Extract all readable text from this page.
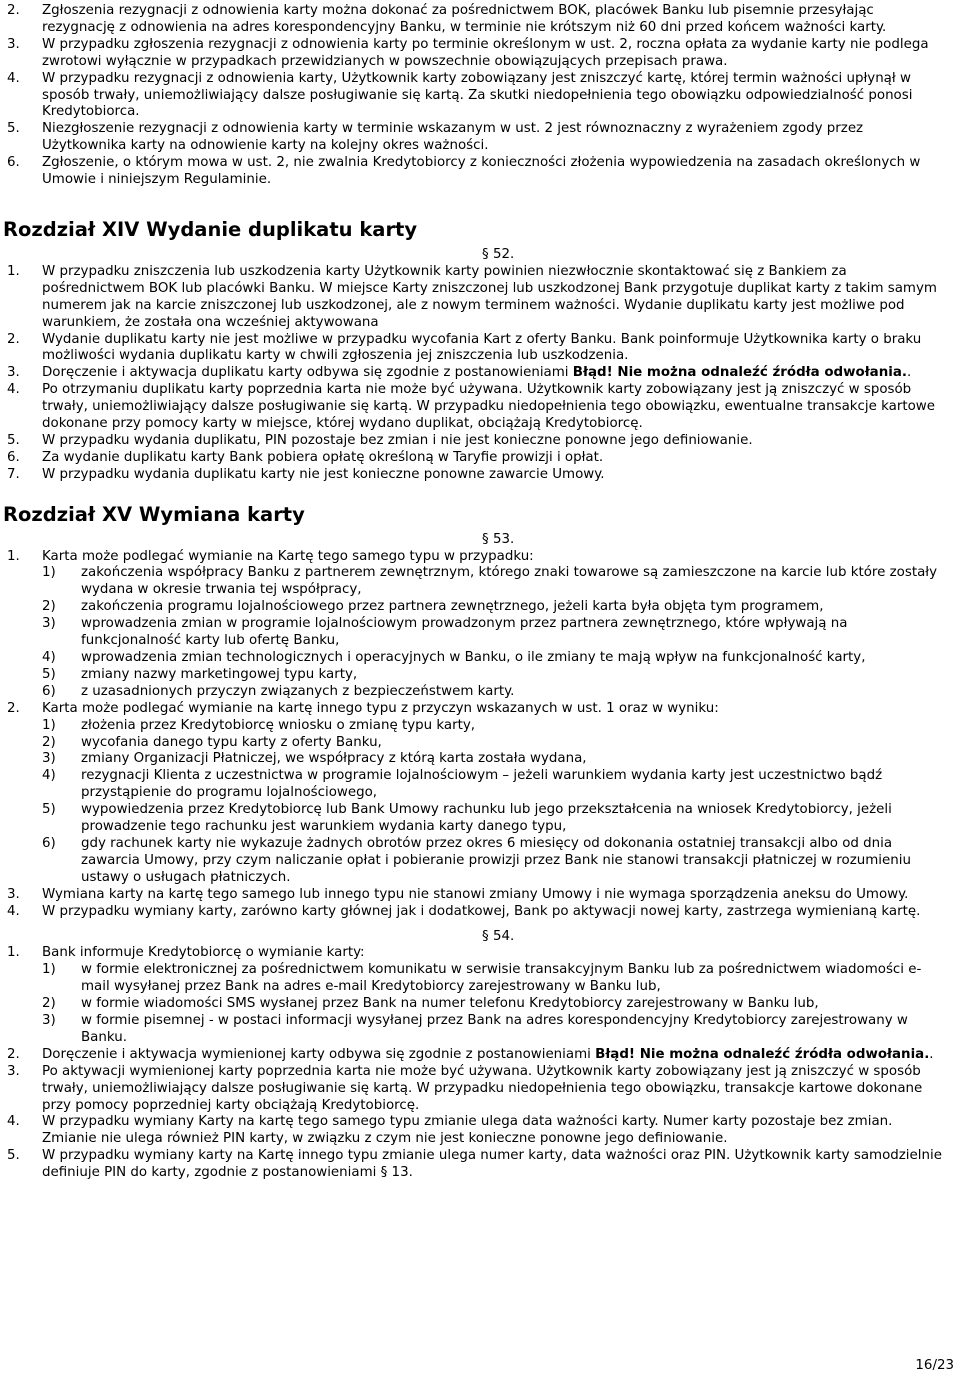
2. Zgłoszenia rezygnacji z odnowienia karty można dokonać za pośrednictwem BOK, placówek Banku lub pisemnie przesyłając rezygnację z odnowienia na adres korespondencyjny Banku, w terminie nie krótszym niż 60 dni przed końcem ważności karty.
3. W przypadku zgłoszenia rezygnacji z odnowienia karty po terminie określonym w ust. 2, roczna opłata za wydanie karty nie podlega zwrotowi wyłącznie w przypadkach przewidzianych w powszechnie obowiązujących przepisach prawa.
4. W przypadku rezygnacji z odnowienia karty, Użytkownik karty zobowiązany jest zniszczyć kartę, której termin ważności upłynął w sposób trwały, uniemożliwiający dalsze posługiwanie się kartą. Za skutki niedopełnienia tego obowiązku odpowiedzialność ponosi Kredytobiorca.
5. Niezgłoszenie rezygnacji z odnowienia karty w terminie wskazanym w ust. 2 jest równoznaczny z wyrażeniem zgody przez Użytkownika karty na odnowienie karty na kolejny okres ważności.
6. Zgłoszenie, o którym mowa w ust. 2, nie zwalnia Kredytobiorcy z konieczności złożenia wypowiedzenia na zasadach określonych w Umowie i niniejszym Regulaminie.
Rozdział XIV Wydanie duplikatu karty
§ 52.
1. W przypadku zniszczenia lub uszkodzenia karty Użytkownik karty powinien niezwłocznie skontaktować się z Bankiem za pośrednictwem BOK lub placówki Banku. W miejsce Karty zniszczonej lub uszkodzonej Bank przygotuje duplikat karty z takim samym numerem jak na karcie zniszczonej lub uszkodzonej, ale z nowym terminem ważności. Wydanie duplikatu karty jest możliwe pod warunkiem, że została ona wcześniej aktywowana
2. Wydanie duplikatu karty nie jest możliwe w przypadku wycofania Kart z oferty Banku. Bank poinformuje Użytkownika karty o braku możliwości wydania duplikatu karty w chwili zgłoszenia jej zniszczenia lub uszkodzenia.
3. Doręczenie i aktywacja duplikatu karty odbywa się zgodnie z postanowieniami Błąd! Nie można odnaleźć źródła odwołania..
4. Po otrzymaniu duplikatu karty poprzednia karta nie może być używana. Użytkownik karty zobowiązany jest ją zniszczyć w sposób trwały, uniemożliwiający dalsze posługiwanie się kartą. W przypadku niedopełnienia tego obowiązku, ewentualne transakcje kartowe dokonane przy pomocy karty w miejsce, której wydano duplikat, obciążają Kredytobiorcę.
5. W przypadku wydania duplikatu, PIN pozostaje bez zmian i nie jest konieczne ponowne jego definiowanie.
6. Za wydanie duplikatu karty Bank pobiera opłatę określoną w Taryfie prowizji i opłat.
7. W przypadku wydania duplikatu karty nie jest konieczne ponowne zawarcie Umowy.
Rozdział XV Wymiana karty
§ 53.
1. Karta może podlegać wymianie na Kartę tego samego typu w przypadku:
1) zakończenia współpracy Banku z partnerem zewnętrznym, którego znaki towarowe są zamieszczone na karcie lub które zostały wydana w okresie trwania tej współpracy,
2) zakończenia programu lojalnościowego przez partnera zewnętrznego, jeżeli karta była objęta tym programem,
3) wprowadzenia zmian w programie lojalnościowym prowadzonym przez partnera zewnętrznego, które wpływają na funkcjonalność karty lub ofertę Banku,
4) wprowadzenia zmian technologicznych i operacyjnych w Banku, o ile zmiany te mają wpływ na funkcjonalność karty,
5) zmiany nazwy marketingowej typu karty,
6) z uzasadnionych przyczyn związanych z bezpieczeństwem karty.
2. Karta może podlegać wymianie na kartę innego typu z przyczyn wskazanych w ust. 1 oraz w wyniku:
1) złożenia przez Kredytobiorcę wniosku o zmianę typu karty,
2) wycofania danego typu karty z oferty Banku,
3) zmiany Organizacji Płatniczej, we współpracy z którą karta została wydana,
4) rezygnacji Klienta z uczestnictwa w programie lojalnościowym – jeżeli warunkiem wydania karty jest uczestnictwo bądź przystąpienie do programu lojalnościowego,
5) wypowiedzenia przez Kredytobiorcę lub Bank Umowy rachunku lub jego przekształcenia na wniosek Kredytobiorcy, jeżeli prowadzenie tego rachunku jest warunkiem wydania karty danego typu,
6) gdy rachunek karty nie wykazuje żadnych obrotów przez okres 6 miesięcy od dokonania ostatniej transakcji albo od dnia zawarcia Umowy, przy czym naliczanie opłat i pobieranie prowizji przez Bank nie stanowi transakcji płatniczej w rozumieniu ustawy o usługach płatniczych.
3. Wymiana karty na kartę tego samego lub innego typu nie stanowi zmiany Umowy i nie wymaga sporządzenia aneksu do Umowy.
4. W przypadku wymiany karty, zarówno karty głównej jak i dodatkowej, Bank po aktywacji nowej karty, zastrzega wymienianą kartę.
§ 54.
1. Bank informuje Kredytobiorcę o wymianie karty:
1) w formie elektronicznej za pośrednictwem komunikatu w serwisie transakcyjnym Banku lub za pośrednictwem wiadomości e-mail wysyłanej przez Bank na adres e-mail Kredytobiorcy zarejestrowany w Banku lub,
2) w formie wiadomości SMS wysłanej przez Bank na numer telefonu Kredytobiorcy zarejestrowany w Banku lub,
3) w formie pisemnej - w postaci informacji wysyłanej przez Bank na adres korespondencyjny Kredytobiorcy zarejestrowany w Banku.
2. Doręczenie i aktywacja wymienionej karty odbywa się zgodnie z postanowieniami Błąd! Nie można odnaleźć źródła odwołania..
3. Po aktywacji wymienionej karty poprzednia karta nie może być używana. Użytkownik karty zobowiązany jest ją zniszczyć w sposób trwały, uniemożliwiający dalsze posługiwanie się kartą. W przypadku niedopełnienia tego obowiązku, transakcje kartowe dokonane przy pomocy poprzedniej karty obciążają Kredytobiorcę.
4. W przypadku wymiany Karty na kartę tego samego typu zmianie ulega data ważności karty. Numer karty pozostaje bez zmian. Zmianie nie ulega również PIN karty, w związku z czym nie jest konieczne ponowne jego definiowanie.
5. W przypadku wymiany karty na Kartę innego typu zmianie ulega numer karty, data ważności oraz PIN. Użytkownik karty samodzielnie definiuje PIN do karty, zgodnie z postanowieniami § 13.
16/23
